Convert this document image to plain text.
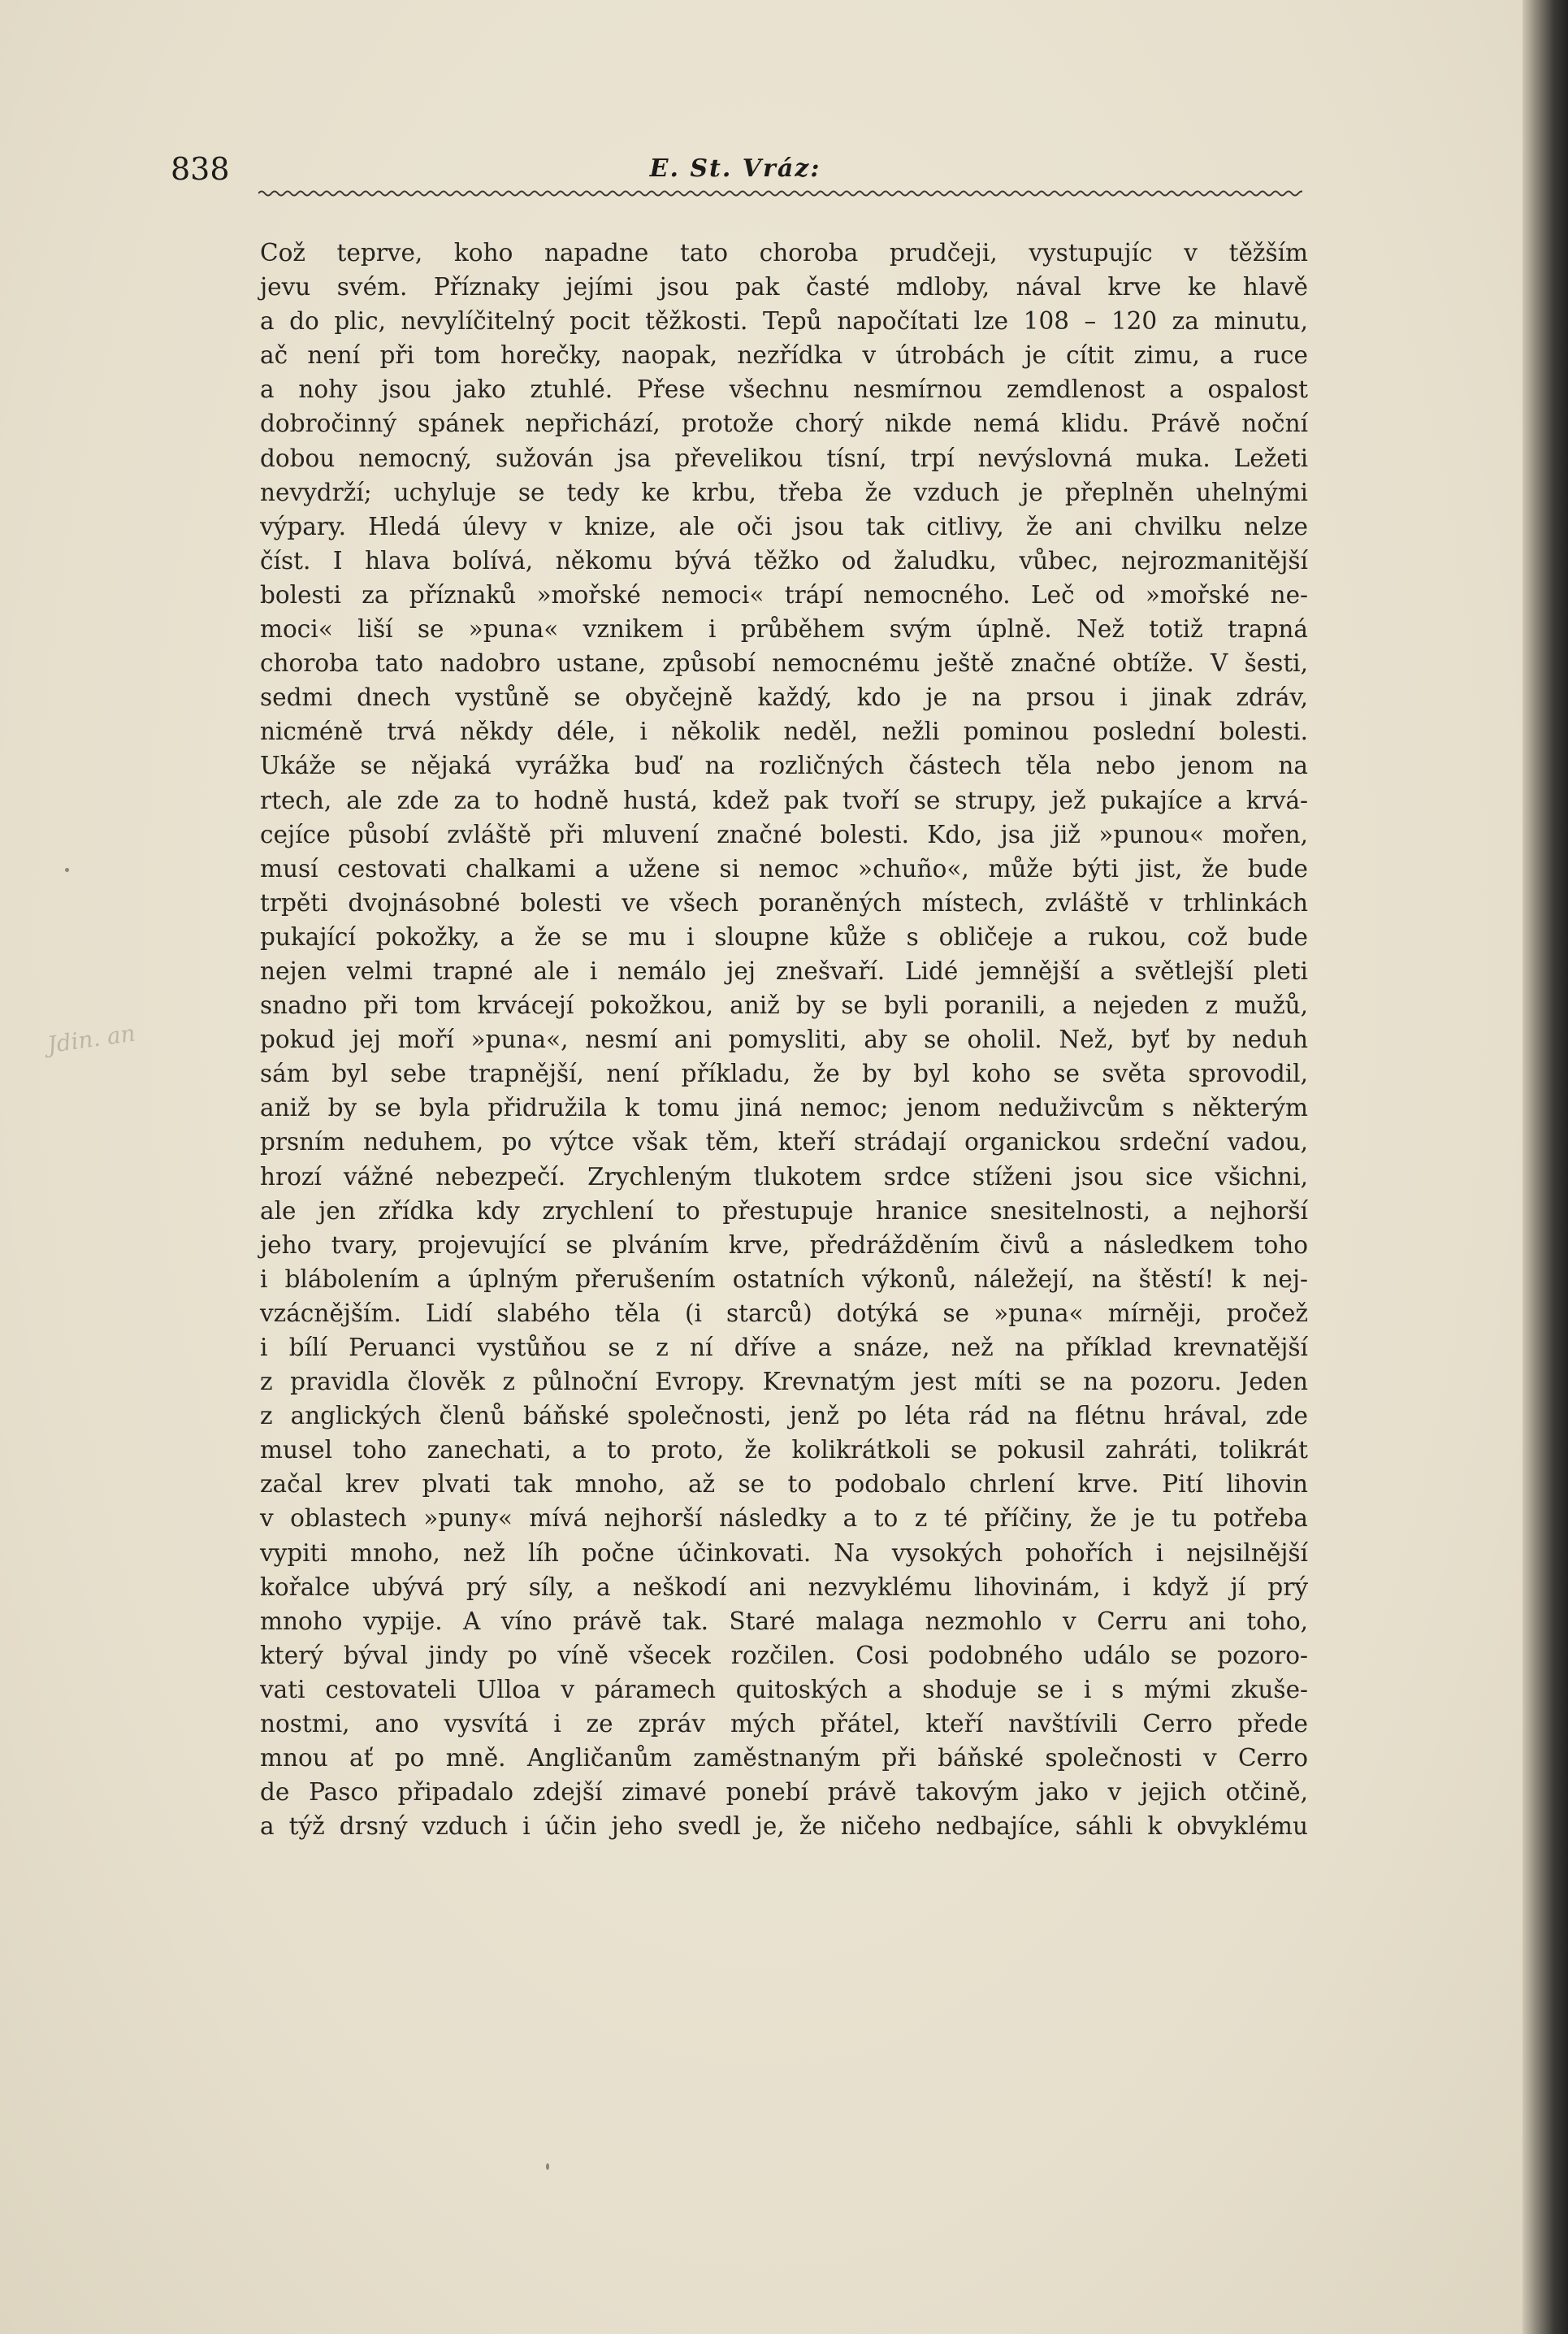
838	E. St. Vráz:
Jdin. an
Což teprve, koho napadne tato choroba prudčeji, vystupujíc v těžším
jevu svém. Příznaky jejími jsou pak časté mdloby, nával krve ke hlavě
a do plic, nevylíčitelný pocit těžkosti. Tepů napočítati lze 108 – 120 za minutu,
ač není při tom horečky, naopak, nezřídka v útrobách je cítit zimu, a ruce
a nohy jsou jako ztuhlé. Přese všechnu nesmírnou zemdlenost a ospalost
dobročinný spánek nepřichází, protože chorý nikde nemá klidu. Právě noční
dobou nemocný, sužován jsa převelikou tísní, trpí nevýslovná muka. Ležeti
nevydrží; uchyluje se tedy ke krbu, třeba že vzduch je přeplněn uhelnými
výpary. Hledá úlevy v knize, ale oči jsou tak citlivy, že ani chvilku nelze
číst. I hlava bolívá, někomu bývá těžko od žaludku, vůbec, nejrozmanitější
bolesti za příznaků »mořské nemoci« trápí nemocného. Leč od »mořské ne-
moci« liší se »puna« vznikem i průběhem svým úplně. Než totiž trapná
choroba tato nadobro ustane, způsobí nemocnému ještě značné obtíže. V šesti,
sedmi dnech vystůně se obyčejně každý, kdo je na prsou i jinak zdráv,
nicméně trvá někdy déle, i několik neděl, nežli pominou poslední bolesti.
Ukáže se nějaká vyrážka buď na rozličných částech těla nebo jenom na
rtech, ale zde za to hodně hustá, kdež pak tvoří se strupy, jež pukajíce a krvá-
cejíce působí zvláště při mluvení značné bolesti. Kdo, jsa již »punou« mořen,
musí cestovati chalkami a užene si nemoc »chuño«, může býti jist, že bude
trpěti dvojnásobné bolesti ve všech poraněných místech, zvláště v trhlinkách
pukající pokožky, a že se mu i sloupne kůže s obličeje a rukou, což bude
nejen velmi trapné ale i nemálo jej znešvaří. Lidé jemnější a světlejší pleti
snadno při tom krvácejí pokožkou, aniž by se byli poranili, a nejeden z mužů,
pokud jej moří »puna«, nesmí ani pomysliti, aby se oholil. Než, byť by neduh
sám byl sebe trapnější, není příkladu, že by byl koho se světa sprovodil,
aniž by se byla přidružila k tomu jiná nemoc; jenom neduživcům s některým
prsním neduhem, po výtce však těm, kteří strádají organickou srdeční vadou,
hrozí vážné nebezpečí. Zrychleným tlukotem srdce stíženi jsou sice všichni,
ale jen zřídka kdy zrychlení to přestupuje hranice snesitelnosti, a nejhorší
jeho tvary, projevující se plváním krve, předrážděním čivů a následkem toho
i blábolením a úplným přerušením ostatních výkonů, náležejí, na štěstí! k nej-
vzácnějším. Lidí slabého těla (i starců) dotýká se »puna« mírněji, pročež
i bílí Peruanci vystůňou se z ní dříve a snáze, než na příklad krevnatější
z pravidla člověk z půlnoční Evropy. Krevnatým jest míti se na pozoru. Jeden
z anglických členů báňské společnosti, jenž po léta rád na flétnu hrával, zde
musel toho zanechati, a to proto, že kolikrátkoli se pokusil zahráti, tolikrát
začal krev plvati tak mnoho, až se to podobalo chrlení krve. Pití lihovin
v oblastech »puny« mívá nejhorší následky a to z té příčiny, že je tu potřeba
vypiti mnoho, než líh počne účinkovati. Na vysokých pohořích i nejsilnější
kořalce ubývá prý síly, a neškodí ani nezvyklému lihovinám, i když jí prý
mnoho vypije. A víno právě tak. Staré malaga nezmohlo v Cerru ani toho,
který býval jindy po víně všecek rozčilen. Cosi podobného událo se pozoro-
vati cestovateli Ulloa v páramech quitoských a shoduje se i s mými zkuše-
nostmi, ano vysvítá i ze zpráv mých přátel, kteří navštívili Cerro přede
mnou ať po mně. Angličanům zaměstnaným při báňské společnosti v Cerro
de Pasco připadalo zdejší zimavé ponebí právě takovým jako v jejich otčině,
a týž drsný vzduch i účin jeho svedl je, že ničeho nedbajíce, sáhli k obvyklému
